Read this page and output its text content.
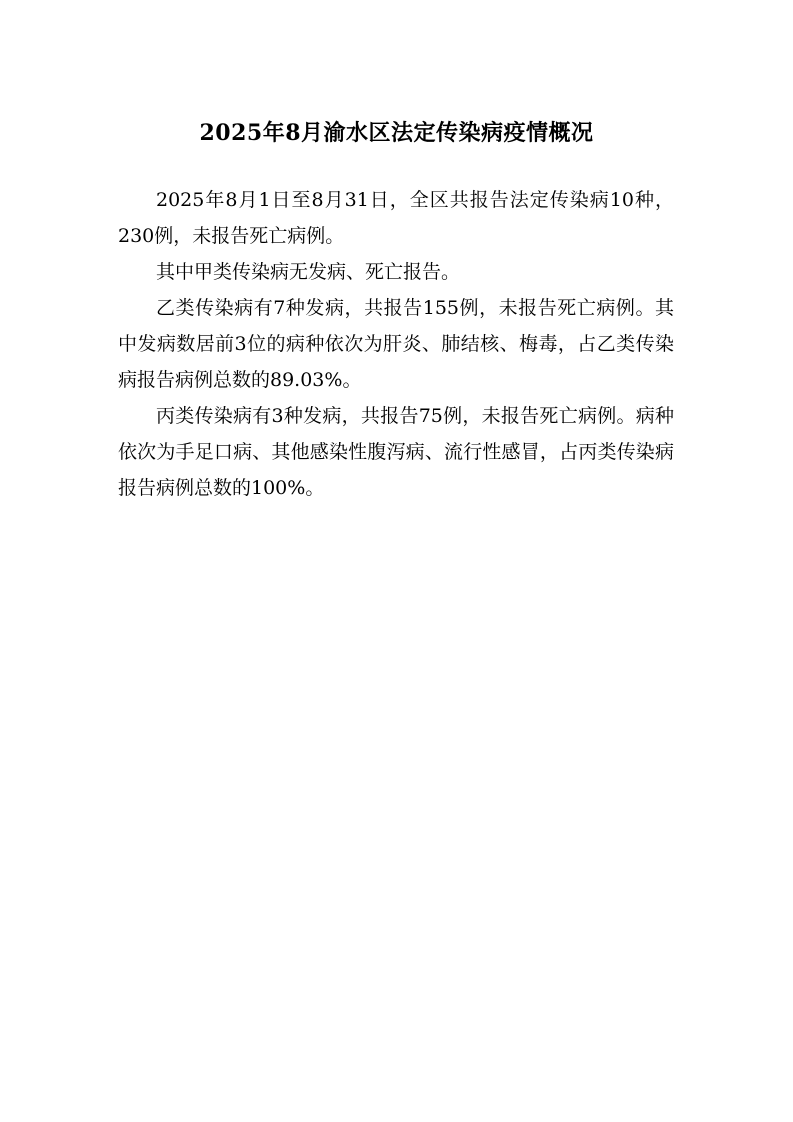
2025年8月渝水区法定传染病疫情概况

2025年8月1日至8月31日，全区共报告法定传染病10种，230例，未报告死亡病例。

其中甲类传染病无发病、死亡报告。

乙类传染病有7种发病，共报告155例，未报告死亡病例。其中发病数居前3位的病种依次为肝炎、肺结核、梅毒，占乙类传染病报告病例总数的89.03%。

丙类传染病有3种发病，共报告75例，未报告死亡病例。病种依次为手足口病、其他感染性腹泻病、流行性感冒，占丙类传染病报告病例总数的100%。
